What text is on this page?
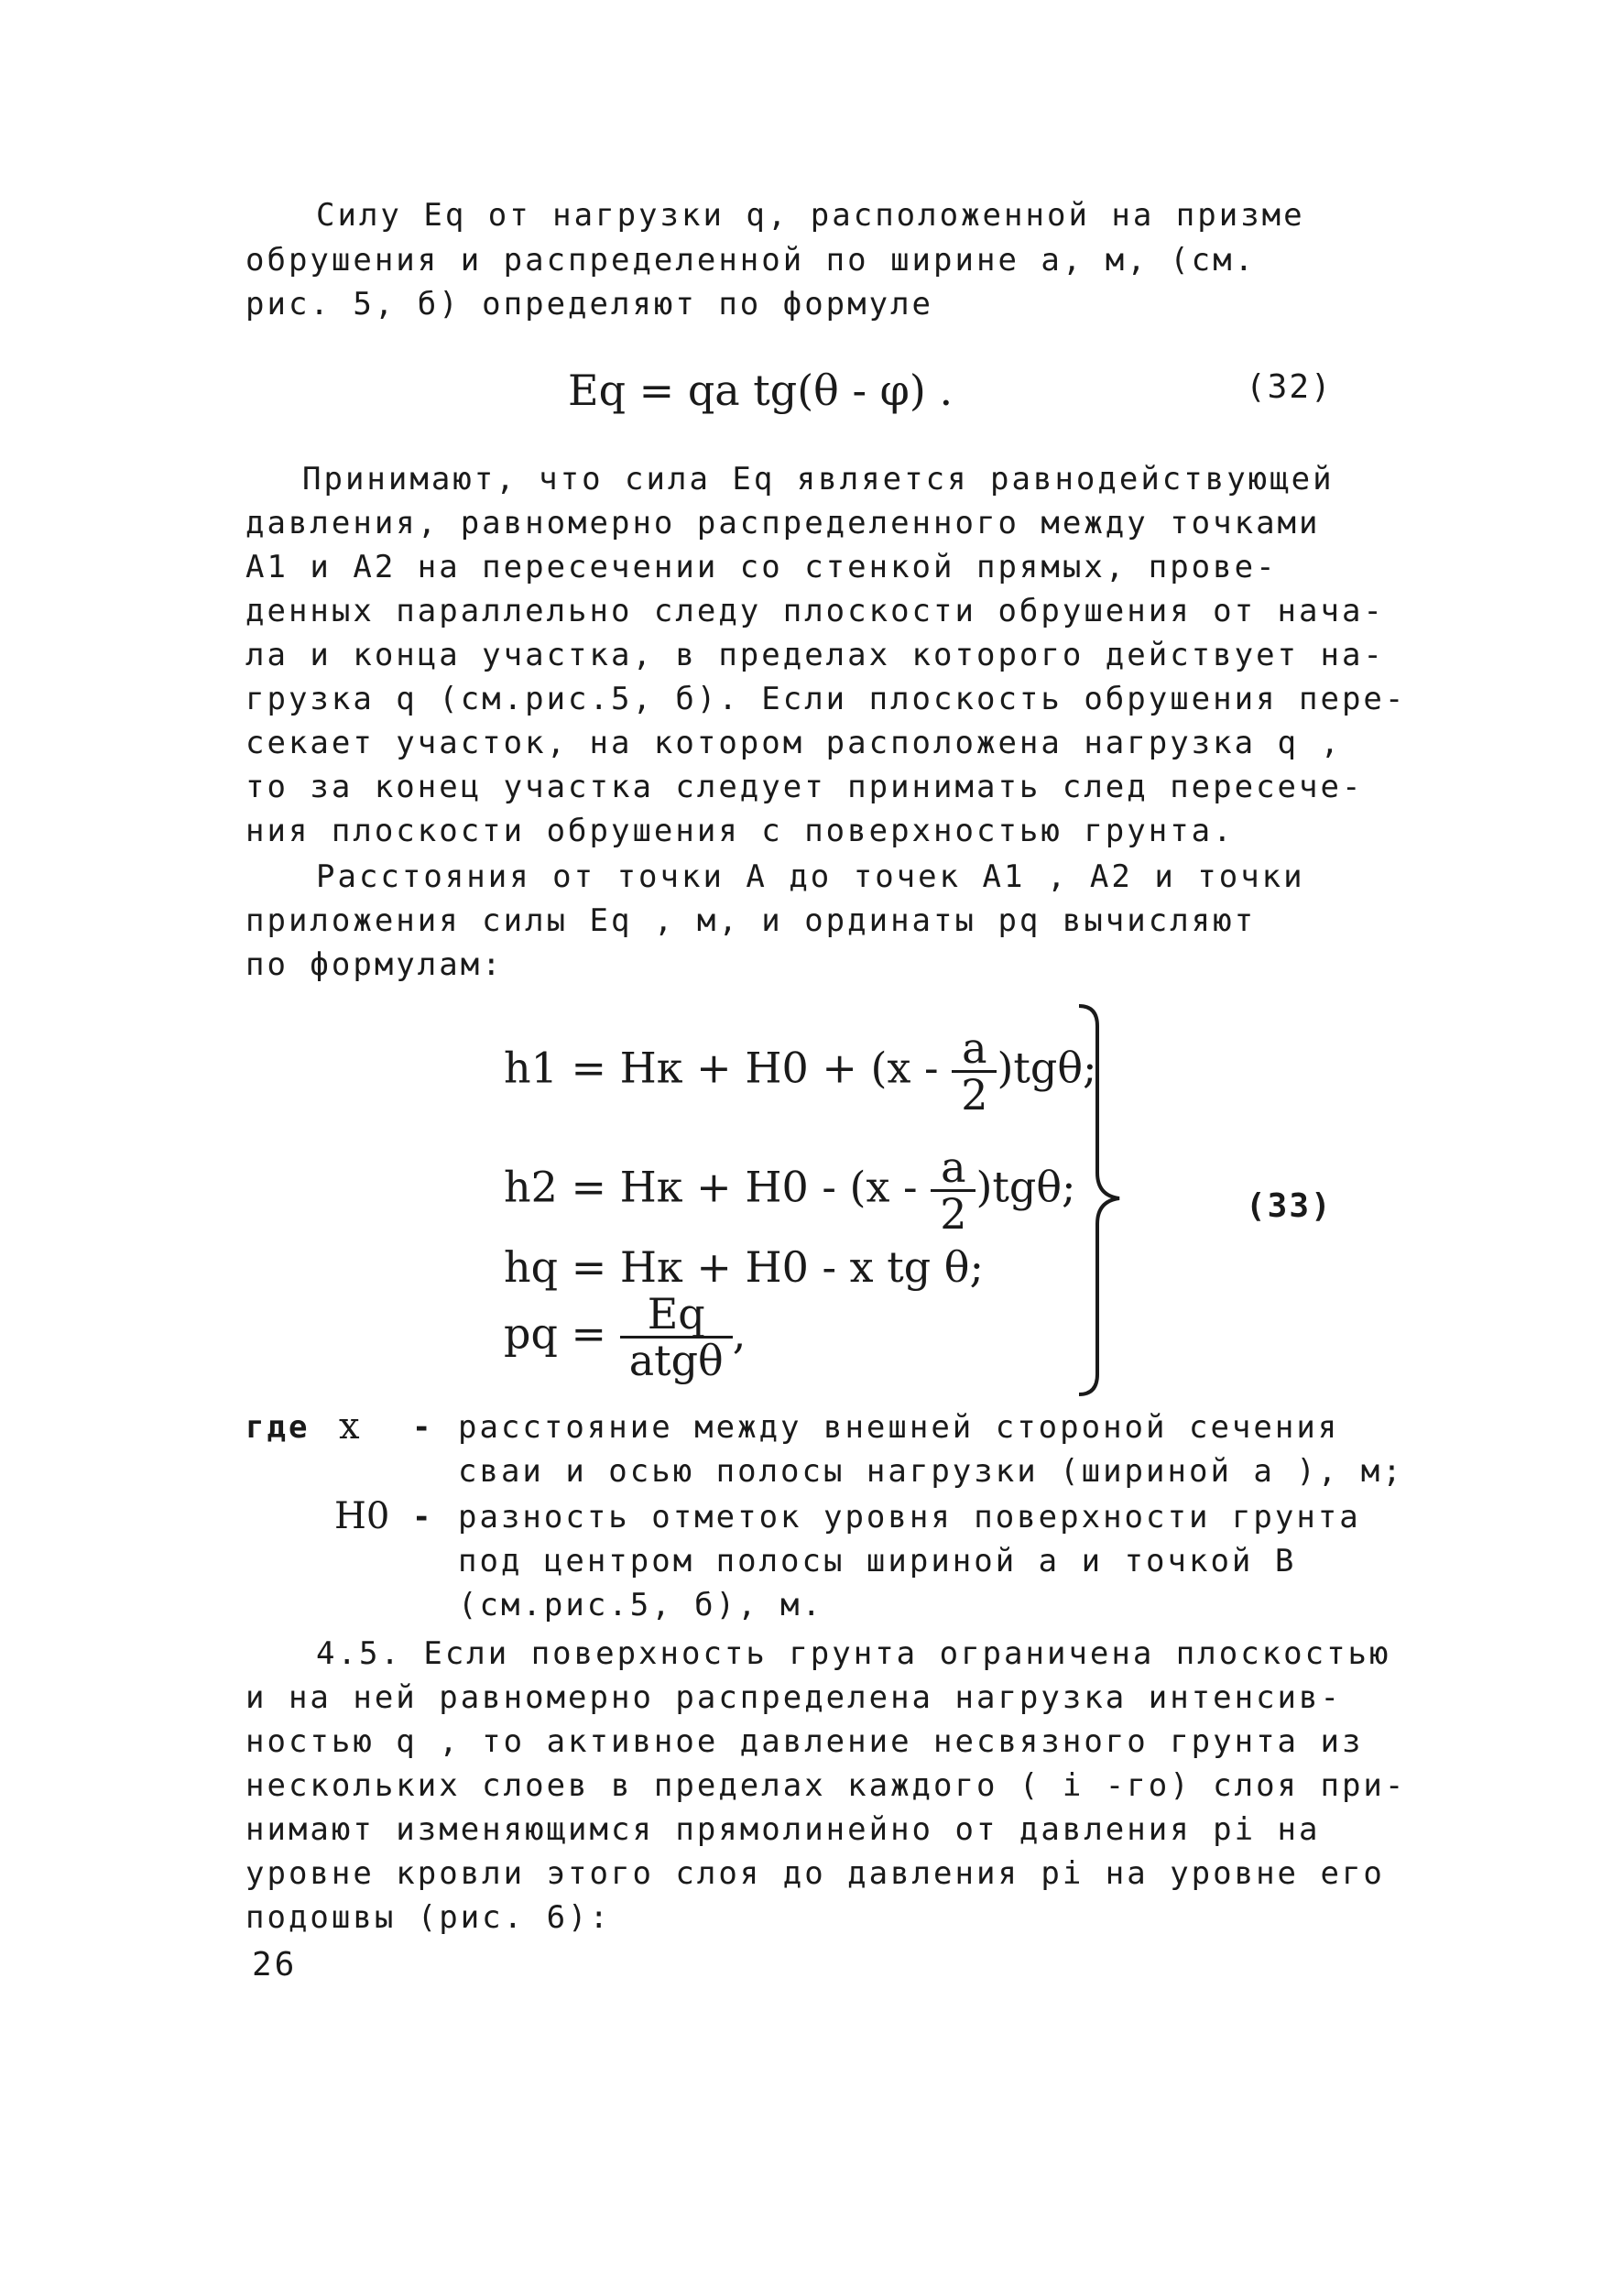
Силу Eq от нагрузки q, расположенной на призме
обрушения и распределенной по ширине a, м, (см.
рис. 5, б) определяют по формуле
Eq = qa tg(θ - φ) .	(32)
Принимают, что сила Eq является равнодействующей
давления, равномерно распределенного между точками
A1 и A2 на пересечении со стенкой прямых, прове-
денных параллельно следу плоскости обрушения от нача-
ла и конца участка, в пределах которого действует на-
грузка q (см.рис.5, б). Если плоскость обрушения пере-
секает участок, на котором расположена нагрузка q ,
то за конец участка следует принимать след пересече-
ния плоскости обрушения с поверхностью грунта.
Расстояния от точки A до точек A1 , A2 и точки
приложения силы Eq , м, и ординаты pq вычисляют
по формулам:
h1 = Hк + $H0 + (x - \frac{a}{2} )tg\theta$;
h2 = Hк + $H0 - (x - \frac{a}{2} )tg\theta$;
hq = Hк + H0 - x tg θ;
pq = $\frac{Eq}{\text{atgθ}}$ ,
(33)
где x - расстояние между внешней стороной сечения
сваи и осью полосы нагрузки (шириной a ), м;
H0 - разность отметок уровня поверхности грунта
под центром полосы шириной a и точкой B
(см.рис.5, б), м.
4.5. Если поверхность грунта ограничена плоскостью
и на ней равномерно распределена нагрузка интенсив-
ностью q , то активное давление несвязного грунта из
нескольких слоев в пределах каждого ( i -го) слоя при-
нимают изменяющимся прямолинейно от давления pi на
уровне кровли этого слоя до давления pi на уровне его
подошвы (рис. 6):
26
